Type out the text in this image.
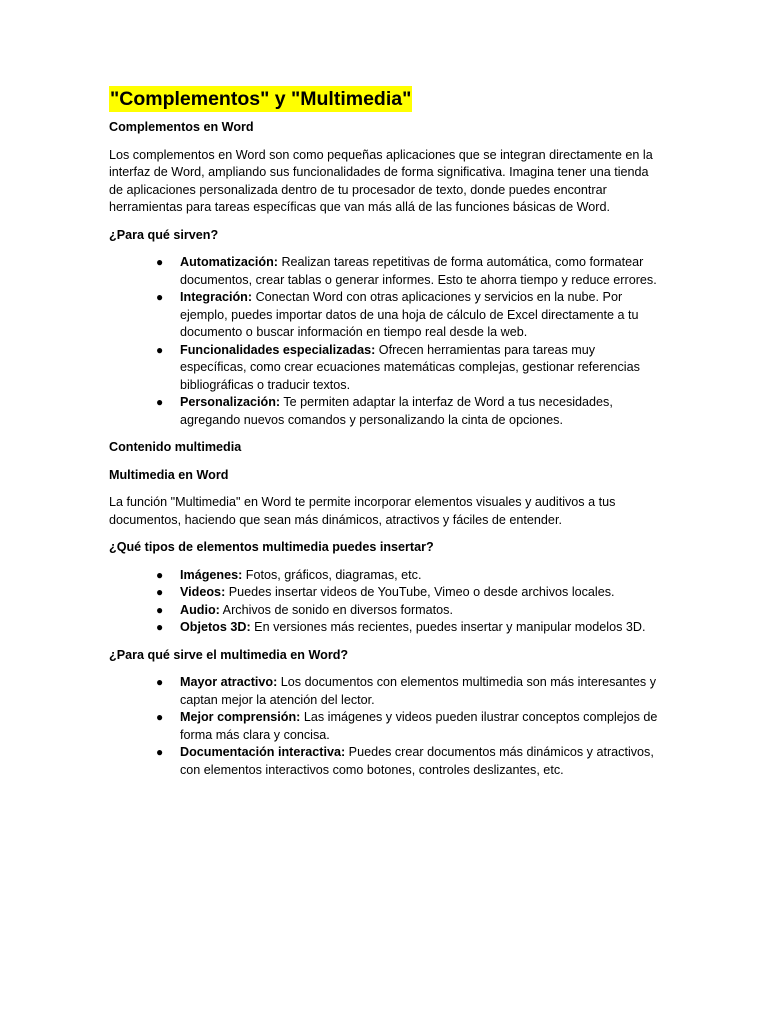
"Complementos" y "Multimedia"
Complementos en Word
Los complementos en Word son como pequeñas aplicaciones que se integran directamente en la interfaz de Word, ampliando sus funcionalidades de forma significativa. Imagina tener una tienda de aplicaciones personalizada dentro de tu procesador de texto, donde puedes encontrar herramientas para tareas específicas que van más allá de las funciones básicas de Word.
¿Para qué sirven?
● Automatización: Realizan tareas repetitivas de forma automática, como formatear documentos, crear tablas o generar informes. Esto te ahorra tiempo y reduce errores.
● Integración: Conectan Word con otras aplicaciones y servicios en la nube. Por ejemplo, puedes importar datos de una hoja de cálculo de Excel directamente a tu documento o buscar información en tiempo real desde la web.
● Funcionalidades especializadas: Ofrecen herramientas para tareas muy específicas, como crear ecuaciones matemáticas complejas, gestionar referencias bibliográficas o traducir textos.
● Personalización: Te permiten adaptar la interfaz de Word a tus necesidades, agregando nuevos comandos y personalizando la cinta de opciones.
Contenido multimedia
Multimedia en Word
La función "Multimedia" en Word te permite incorporar elementos visuales y auditivos a tus documentos, haciendo que sean más dinámicos, atractivos y fáciles de entender.
¿Qué tipos de elementos multimedia puedes insertar?
● Imágenes: Fotos, gráficos, diagramas, etc.
● Videos: Puedes insertar videos de YouTube, Vimeo o desde archivos locales.
● Audio: Archivos de sonido en diversos formatos.
● Objetos 3D: En versiones más recientes, puedes insertar y manipular modelos 3D.
¿Para qué sirve el multimedia en Word?
● Mayor atractivo: Los documentos con elementos multimedia son más interesantes y captan mejor la atención del lector.
● Mejor comprensión: Las imágenes y videos pueden ilustrar conceptos complejos de forma más clara y concisa.
● Documentación interactiva: Puedes crear documentos más dinámicos y atractivos, con elementos interactivos como botones, controles deslizantes, etc.
